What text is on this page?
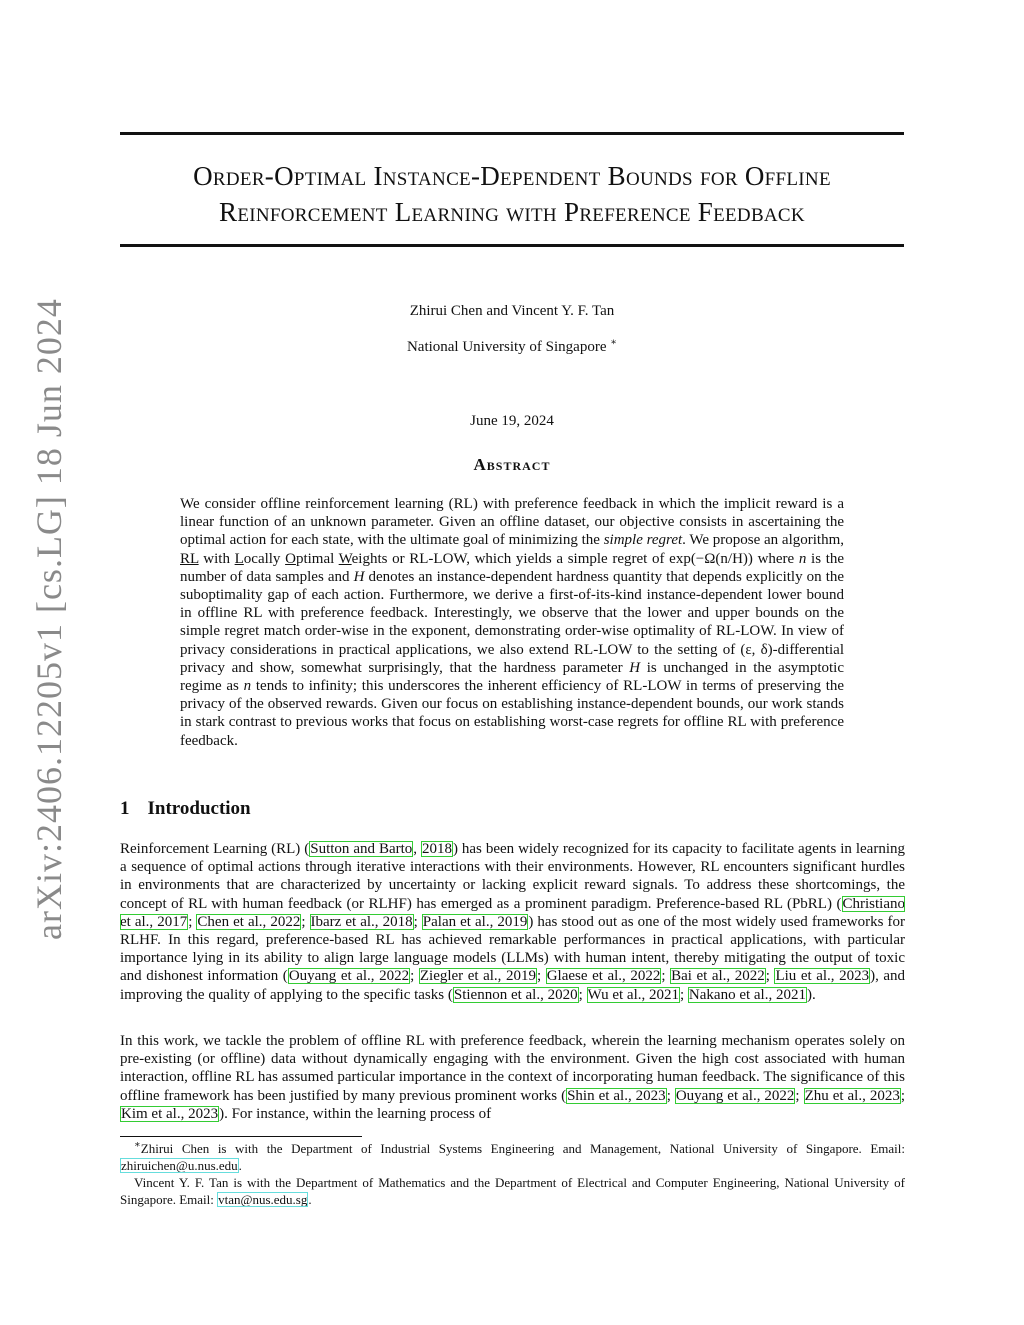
arXiv:2406.12205v1 [cs.LG] 18 Jun 2024
Order-Optimal Instance-Dependent Bounds for Offline
Reinforcement Learning with Preference Feedback
Zhirui Chen and Vincent Y. F. Tan
National University of Singapore ∗
June 19, 2024
Abstract
We consider offline reinforcement learning (RL) with preference feedback in which the implicit reward is a linear function of an unknown parameter. Given an offline dataset, our objective consists in ascertaining the optimal action for each state, with the ultimate goal of minimizing the simple regret. We propose an algorithm, RL with Locally Optimal Weights or RL-LOW, which yields a simple regret of exp(−Ω(n/H)) where n is the number of data samples and H denotes an instance-dependent hardness quantity that depends explicitly on the suboptimality gap of each action. Furthermore, we derive a first-of-its-kind instance-dependent lower bound in offline RL with preference feedback. Interestingly, we observe that the lower and upper bounds on the simple regret match order-wise in the exponent, demonstrating order-wise optimality of RL-LOW. In view of privacy considerations in practical applications, we also extend RL-LOW to the setting of (ε, δ)-differential privacy and show, somewhat surprisingly, that the hardness parameter H is unchanged in the asymptotic regime as n tends to infinity; this underscores the inherent efficiency of RL-LOW in terms of preserving the privacy of the observed rewards. Given our focus on establishing instance-dependent bounds, our work stands in stark contrast to previous works that focus on establishing worst-case regrets for offline RL with preference feedback.
1 Introduction
Reinforcement Learning (RL) (Sutton and Barto, 2018) has been widely recognized for its capacity to facilitate agents in learning a sequence of optimal actions through iterative interactions with their environments. However, RL encounters significant hurdles in environments that are characterized by uncertainty or lacking explicit reward signals. To address these shortcomings, the concept of RL with human feedback (or RLHF) has emerged as a prominent paradigm. Preference-based RL (PbRL) (Christiano et al., 2017; Chen et al., 2022; Ibarz et al., 2018; Palan et al., 2019) has stood out as one of the most widely used frameworks for RLHF. In this regard, preference-based RL has achieved remarkable performances in practical applications, with particular importance lying in its ability to align large language models (LLMs) with human intent, thereby mitigating the output of toxic and dishonest information (Ouyang et al., 2022; Ziegler et al., 2019; Glaese et al., 2022; Bai et al., 2022; Liu et al., 2023), and improving the quality of applying to the specific tasks (Stiennon et al., 2020; Wu et al., 2021; Nakano et al., 2021).
In this work, we tackle the problem of offline RL with preference feedback, wherein the learning mechanism operates solely on pre-existing (or offline) data without dynamically engaging with the environment. Given the high cost associated with human interaction, offline RL has assumed particular importance in the context of incorporating human feedback. The significance of this offline framework has been justified by many previous prominent works (Shin et al., 2023; Ouyang et al., 2022; Zhu et al., 2023; Kim et al., 2023). For instance, within the learning process of
∗Zhirui Chen is with the Department of Industrial Systems Engineering and Management, National University of Singapore. Email: zhiruichen@u.nus.edu.
Vincent Y. F. Tan is with the Department of Mathematics and the Department of Electrical and Computer Engineering, National University of Singapore. Email: vtan@nus.edu.sg.
